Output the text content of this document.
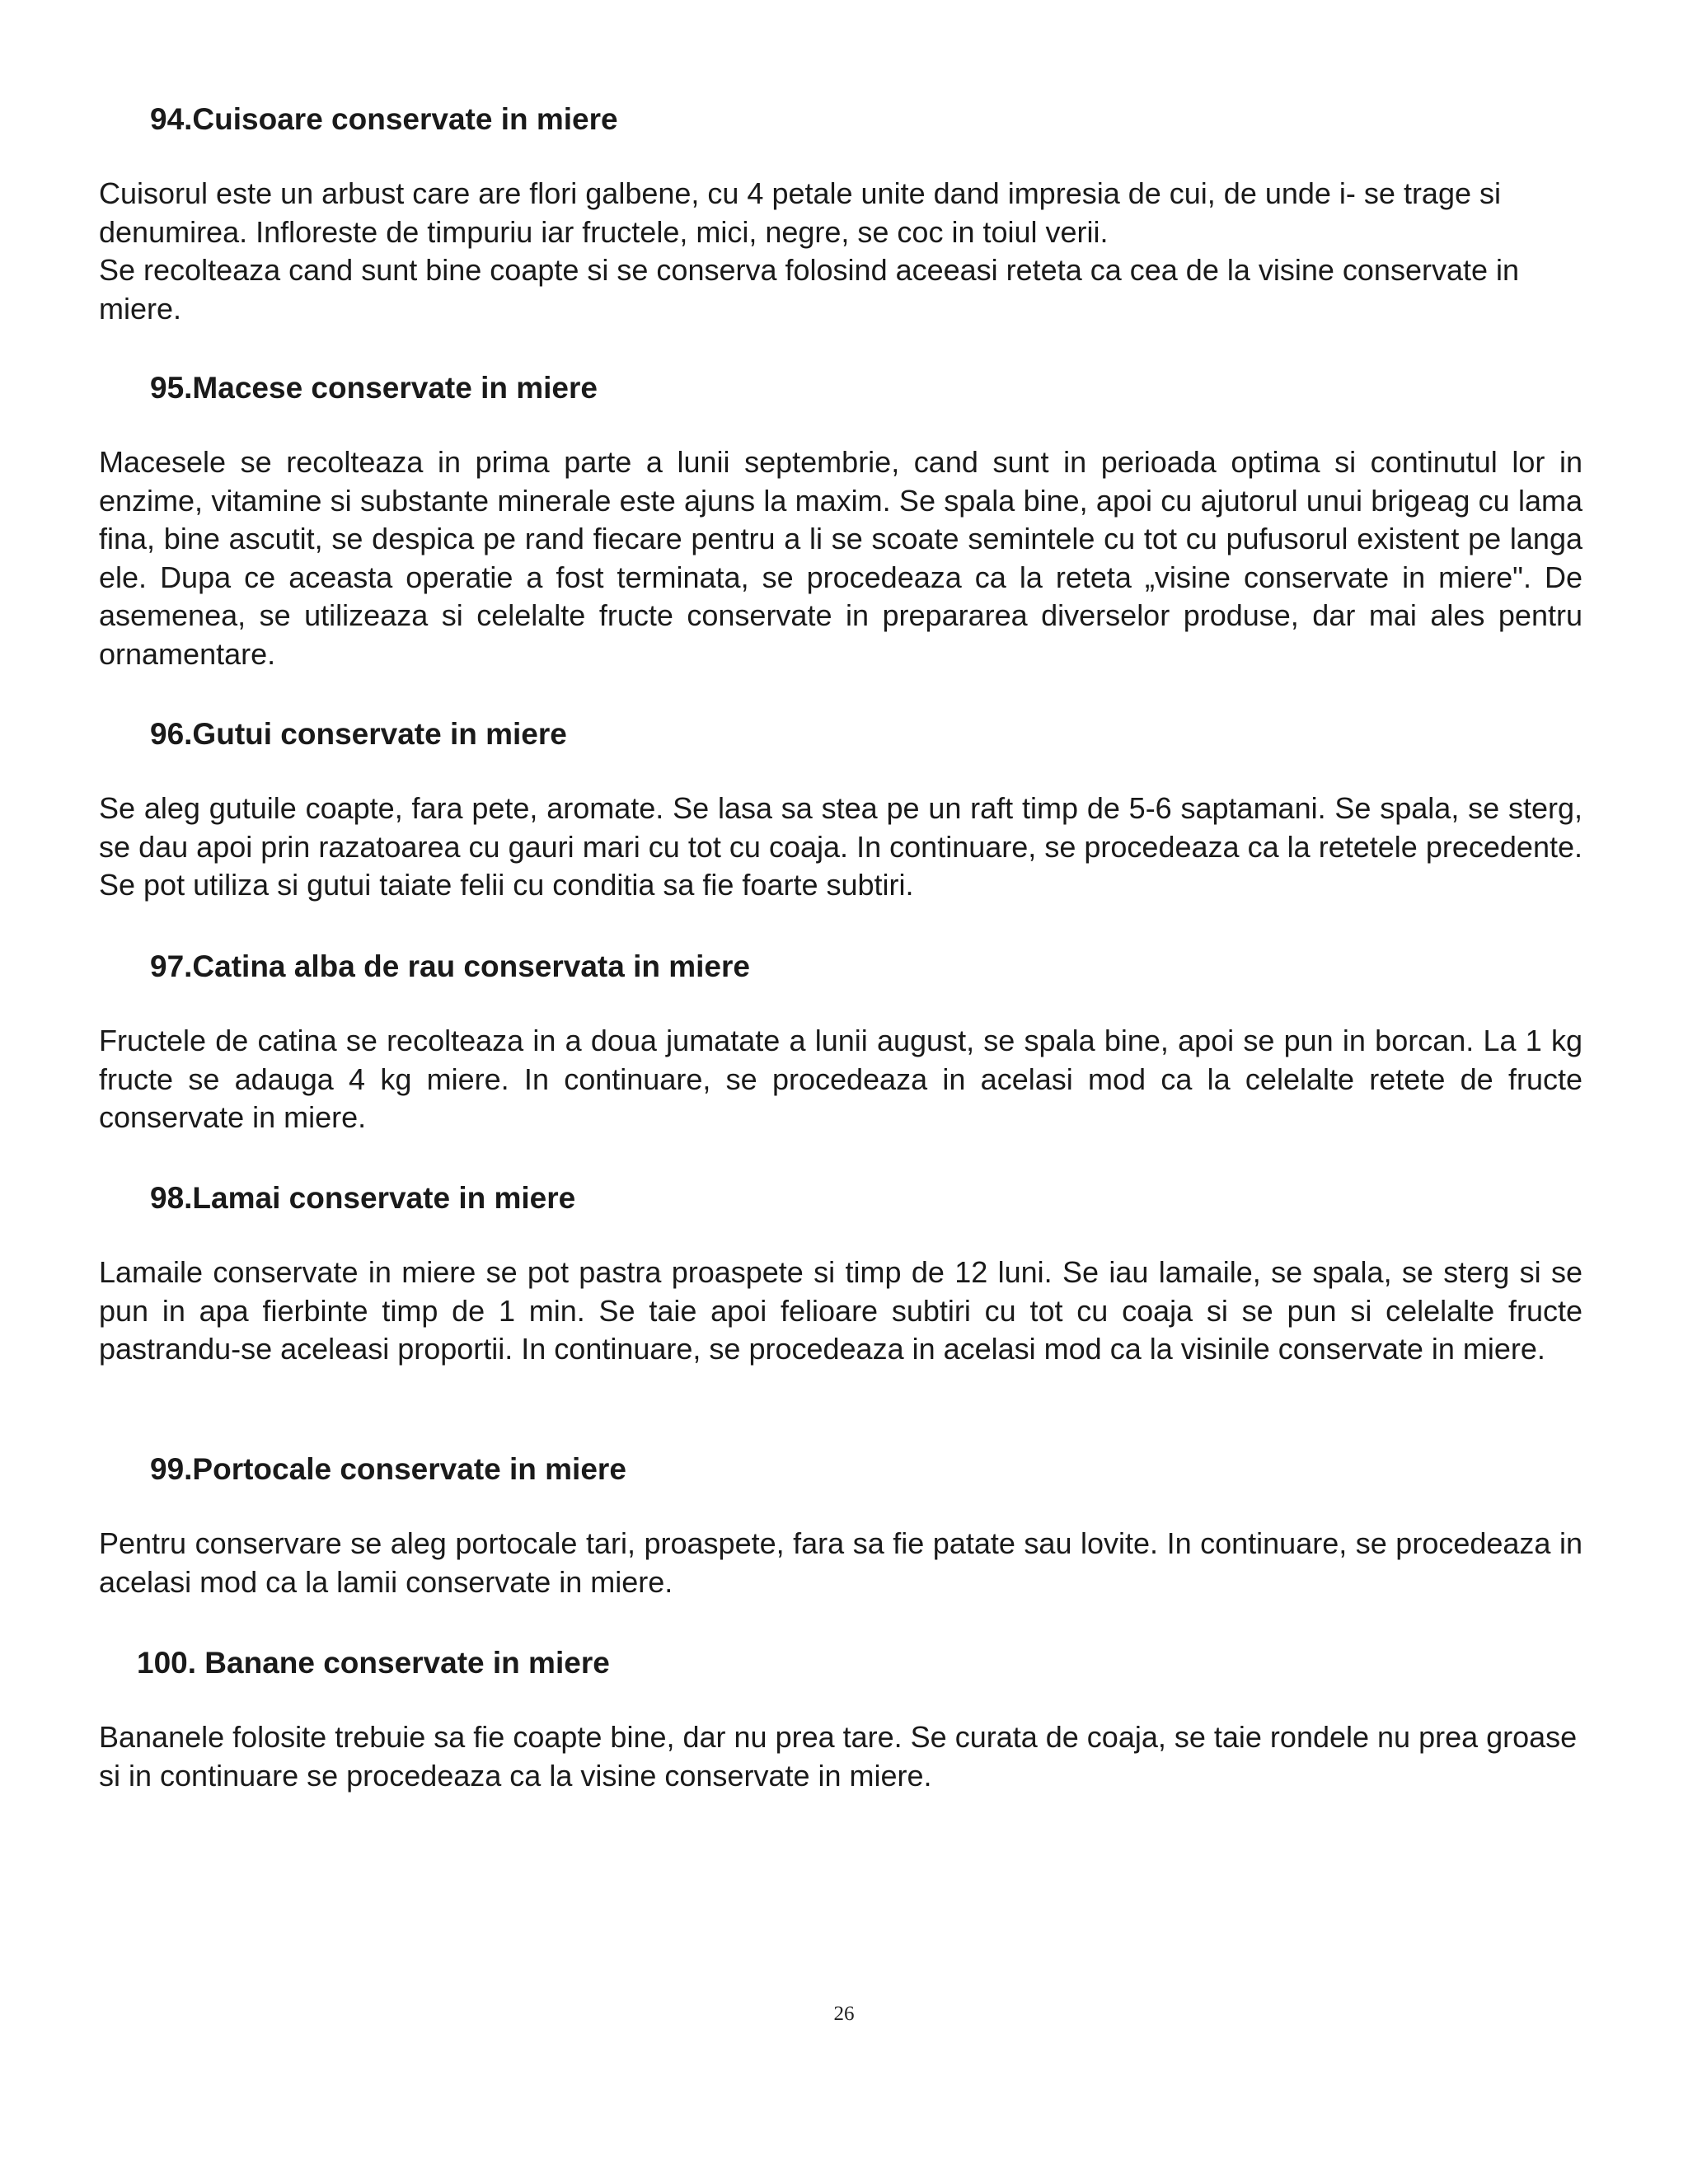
94.Cuisoare conservate in miere

Cuisorul este un arbust care are flori galbene, cu 4 petale unite dand impresia de cui, de unde i- se trage si denumirea. Infloreste de timpuriu iar fructele, mici, negre, se coc in toiul verii.

Se recolteaza cand sunt bine coapte si se conserva folosind aceeasi reteta ca cea de la visine conservate in miere.

95.Macese conservate in miere

Macesele se recolteaza in prima parte a lunii septembrie, cand sunt in perioada optima si continutul lor in enzime, vitamine si substante minerale este ajuns la maxim. Se spala bine, apoi cu ajutorul unui brigeag cu lama fina, bine ascutit, se despica pe rand fiecare pentru a li se scoate semintele cu tot cu pufusorul existent pe langa ele. Dupa ce aceasta operatie a fost terminata, se procedeaza ca la reteta „visine conservate in miere". De asemenea, se utilizeaza si celelalte fructe conservate in prepararea diverselor produse, dar mai ales pentru ornamentare.

96.Gutui conservate in miere

Se aleg gutuile coapte, fara pete, aromate. Se lasa sa stea pe un raft timp de 5-6 saptamani. Se spala, se sterg, se dau apoi prin razatoarea cu gauri mari cu tot cu coaja. In continuare, se procedeaza ca la retetele precedente. Se pot utiliza si gutui taiate felii cu conditia sa fie foarte subtiri.

97.Catina alba de rau conservata in miere

Fructele de catina se recolteaza in a doua jumatate a lunii august, se spala bine, apoi se pun in borcan. La 1 kg fructe se adauga 4 kg miere. In continuare, se procedeaza in acelasi mod ca la celelalte retete de fructe conservate in miere.

98.Lamai conservate in miere

Lamaile conservate in miere se pot pastra proaspete si timp de 12 luni. Se iau lamaile, se spala, se sterg si se pun in apa fierbinte timp de 1 min. Se taie apoi felioare subtiri cu tot cu coaja si se pun si celelalte fructe pastrandu-se aceleasi proportii. In continuare, se procedeaza in acelasi mod ca la visinile conservate in miere.

99.Portocale conservate in miere

Pentru conservare se aleg portocale tari, proaspete, fara sa fie patate sau lovite. In continuare, se procedeaza in acelasi mod ca la lamii conservate in miere.

100. Banane conservate in miere

Bananele folosite trebuie sa fie coapte bine, dar nu prea tare. Se curata de coaja, se taie rondele nu prea groase si in continuare se procedeaza ca la visine conservate in miere.

26
